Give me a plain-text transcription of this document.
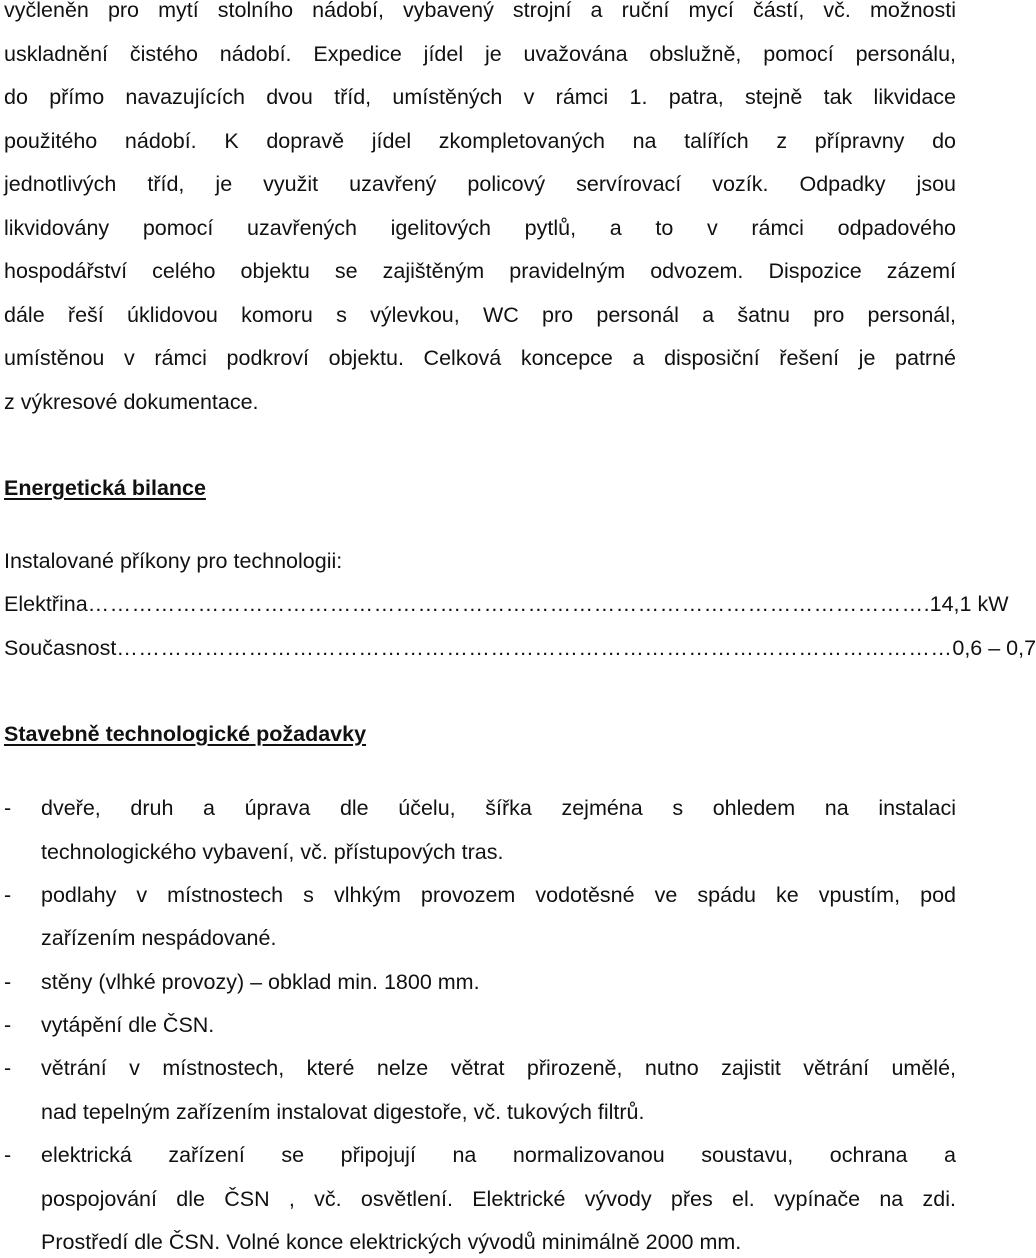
vyčleněn pro mytí stolního nádobí, vybavený strojní a ruční mycí částí, vč. možnosti
uskladnění čistého nádobí. Expedice jídel je uvažována obslužně, pomocí personálu,
do přímo navazujících dvou tříd, umístěných v rámci 1. patra, stejně tak likvidace
použitého nádobí. K dopravě jídel zkompletovaných na talířích z přípravny do
jednotlivých tříd, je využit uzavřený policový servírovací vozík. Odpadky jsou
likvidovány pomocí uzavřených igelitových pytlů, a to v rámci odpadového
hospodářství celého objektu se zajištěným pravidelným odvozem. Dispozice zázemí
dále řeší úklidovou komoru s výlevkou, WC pro personál a šatnu pro personál,
umístěnou v rámci podkroví objektu. Celková koncepce a disposiční řešení je patrné
z výkresové dokumentace.
Energetická bilance
Instalované příkony pro technologii:
Elektřina …………………………………………………………………………………………………… .14,1 kW
Současnost …………………………………………………………………………………………………… 0,6 – 0,7
Stavebně technologické požadavky
- dveře, druh a úprava dle účelu, šířka zejména s ohledem na instalaci
technologického vybavení, vč. přístupových tras.
- podlahy v místnostech s vlhkým provozem vodotěsné ve spádu ke vpustím, pod
zařízením nespádované.
- stěny (vlhké provozy) – obklad min. 1800 mm.
- vytápění dle ČSN.
- větrání v místnostech, které nelze větrat přirozeně, nutno zajistit větrání umělé,
nad tepelným zařízením instalovat digestoře, vč. tukových filtrů.
- elektrická zařízení se připojují na normalizovanou soustavu, ochrana a
pospojování dle ČSN , vč. osvětlení. Elektrické vývody přes el. vypínače na zdi.
Prostředí dle ČSN. Volné konce elektrických vývodů minimálně 2000 mm.
